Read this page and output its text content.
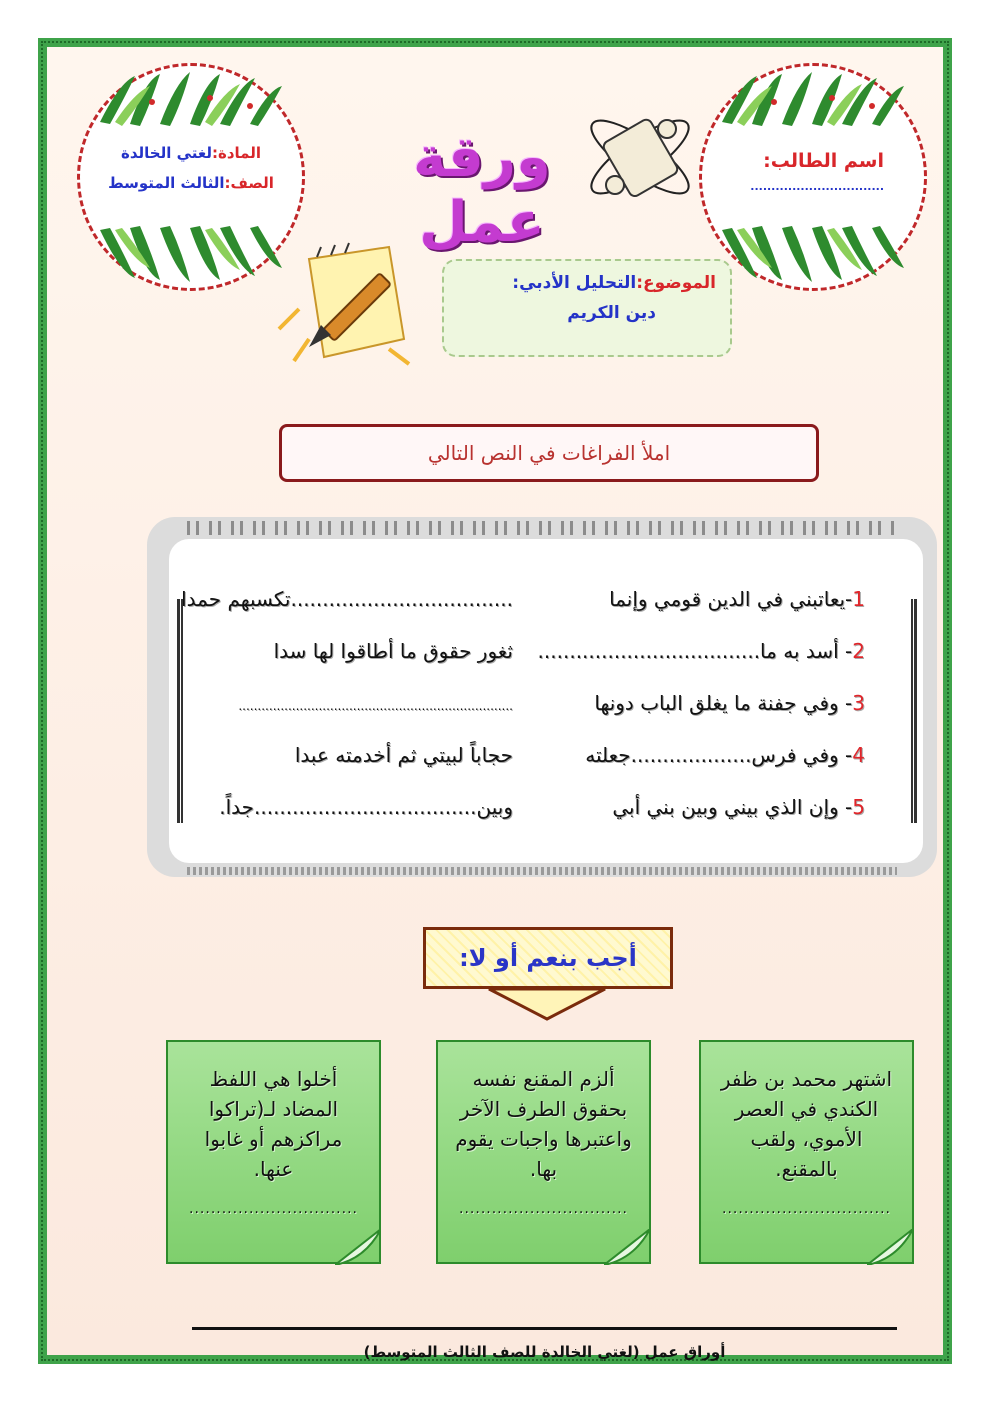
المادة:لغتي الخالدة
الصف:الثالث المتوسط	ورقة عمل
اسم الطالب:
................................
الموضوع:التحليل الأدبي:
دين الكريم
املأ الفراغات في النص التالي
1-يعاتبني في الدين قومي وإنما
...................................تكسبهم حمدا
2- أسد به ما...................................
ثغور حقوق ما أطاقوا لها سدا
3- وفي جفنة ما يغلق الباب دونها
........................................................................
4- وفي فرس...................جعلته
حجاباً لبيتي ثم أخدمته عبدا
5- وإن الذي بيني وبين بني أبي
وبين...................................جداً.
أجب بنعم أو لا:
اشتهر محمد بن ظفر الكندي في العصر الأموي، ولقب بالمقنع.
...............................
ألزم المقنع نفسه بحقوق الطرف الآخر واعتبرها واجبات يقوم بها.
...............................
أخلوا هي اللفظ المضاد لـ(تراكوا مراكزهم أو غابوا عنها.
...............................
أوراق عمل (لغتي الخالدة للصف الثالث المتوسط)
